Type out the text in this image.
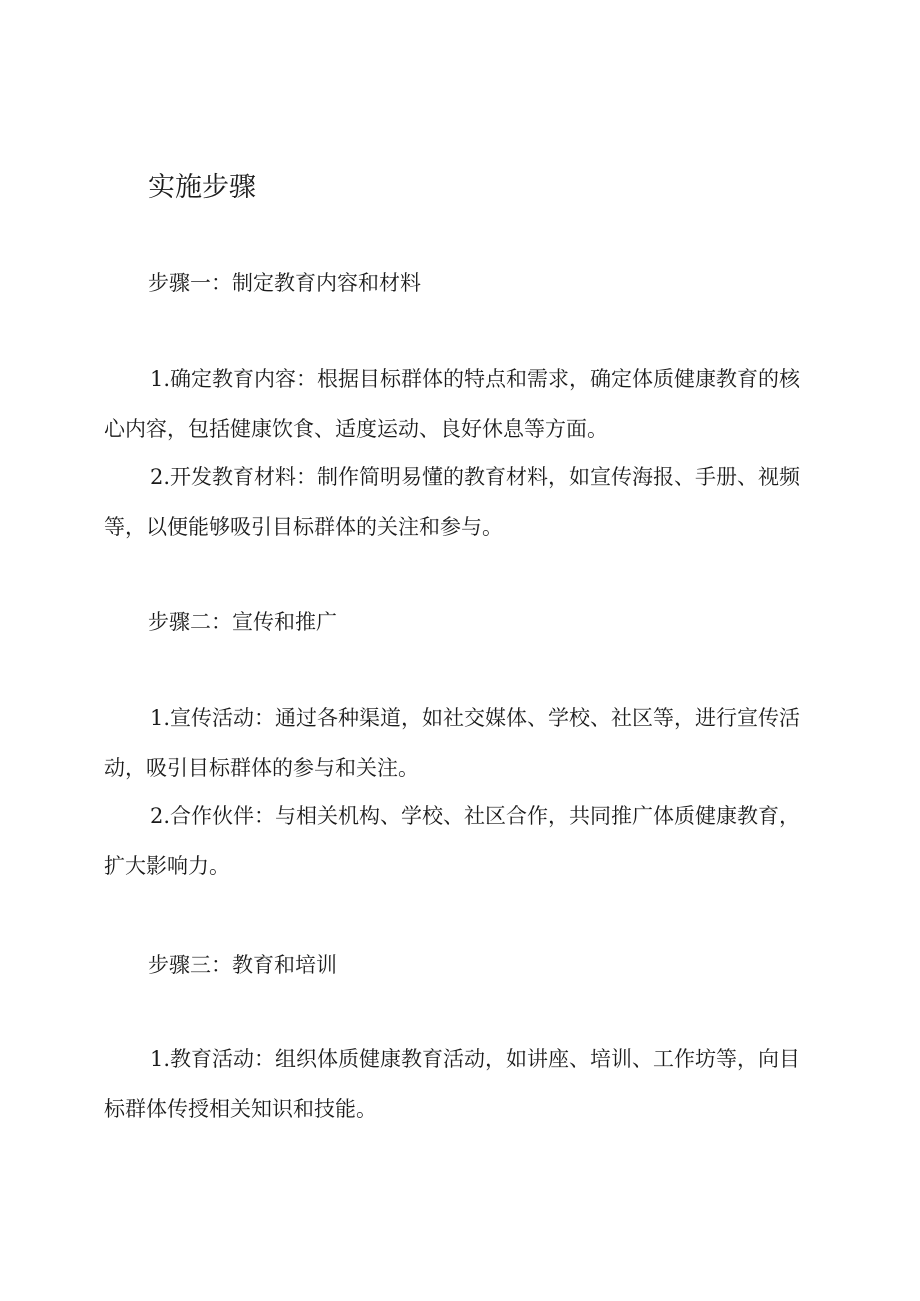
实施步骤
步骤一：制定教育内容和材料

1.确定教育内容：根据目标群体的特点和需求，确定体质健康教育的核心内容，包括健康饮食、适度运动、良好休息等方面。

2.开发教育材料：制作简明易懂的教育材料，如宣传海报、手册、视频等，以便能够吸引目标群体的关注和参与。

步骤二：宣传和推广

1.宣传活动：通过各种渠道，如社交媒体、学校、社区等，进行宣传活动，吸引目标群体的参与和关注。

2.合作伙伴：与相关机构、学校、社区合作，共同推广体质健康教育，扩大影响力。

步骤三：教育和培训

1.教育活动：组织体质健康教育活动，如讲座、培训、工作坊等，向目标群体传授相关知识和技能。
